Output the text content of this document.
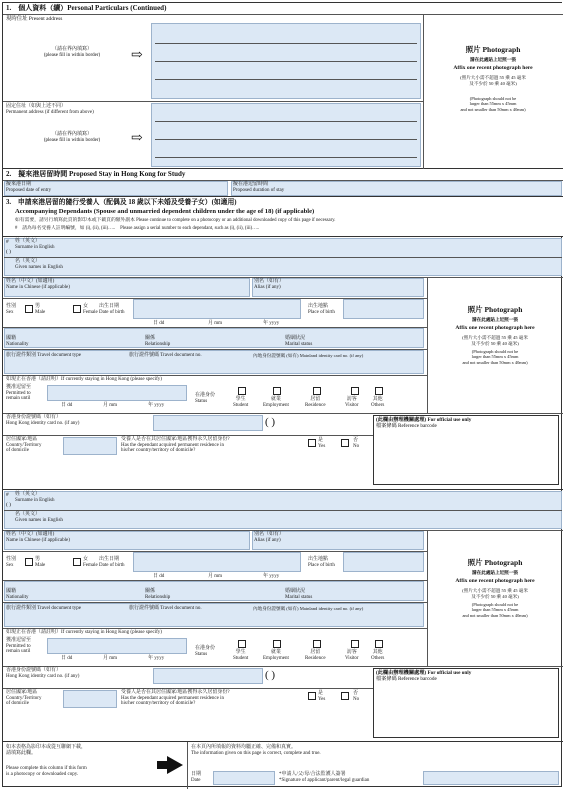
1.　個人資料（續）Personal Particulars (Continued)
現時住址 Present address
（請在界內填寫）
(please fill in within border)	⇨
固定住址（如與上述不同）
Permanent address (if different from above)
（請在界內填寫）
(please fill in within border)	⇨
照片 Photograph
請在此處貼上近照一張
Affix one recent photograph here
(照片大小需不超過 55 乘 45 毫米
及不少於 50 乘 40 毫米)
(Photograph should not be
larger than 55mm x 45mm
and not smaller than 50mm x 40mm)
2.　擬來港居留時間 Proposed Stay in Hong Kong for Study
擬來港日期
Proposed date of entry
擬在港逗留時間
Proposed duration of stay
3.　申請來港居留的隨行受養人（配偶及 18 歲以下未婚及受養子女）(如適用)
Accompanying Dependants (Spouse and unmarried dependent children under the age of 18) (if applicable)
如有需要，請另行填寫此頁的影印本或下載頁的額外副本 Please continue to complete on a photocopy or an additional downloaded copy of this page if necessary.
#　請為每名受養人註明編號，如 (i), (ii), (iii)…..　Please assign a serial number to each dependant, such as (i), (ii), (iii)…..
#
( )
姓（英文）
Surname in English
名（英文）
Given names in English
姓名（中文）(如適用)
Name in Chinese (if applicable)
別名（如有）
Alias (if any)
性別
Sex
男
Male
女
Female
出生日期
Date of birth
日 dd	月 mm	年 yyyy
出生地點
Place of birth
國籍
Nationality
關係
Relationship
婚姻狀況
Marital status
旅行證件類別 Travel document type	旅行證件號碼 Travel document no.	內地身份證號碼 (如有) Mainland identity card no. (if any)
如現正在香港（請註明）If currently staying in Hong Kong (please specify)
獲准逗留至
Permitted to
remain until
日 dd	月 mm	年 yyyy
在港身份
Status	學生
Student
就業
Employment
居留
Residence
訪客
Visitor
其他
Others
香港身份證號碼（如有）
Hong Kong identity card no. (if any)	( )	(此欄由辦理機關處理) For official use only
檔案條碼 Reference barcode
居住國家/地區
Country/Territory
of domicile
受養人是否在其居住國家/地區獲得永久居留身份?
Has the dependant acquired permanent residence in
his/her country/territory of domicile?
是
Yes
否
No
照片 Photograph
請在此處貼上近照一張
Affix one recent photograph here
(照片大小需不超過 55 乘 45 毫米
及不少於 50 乘 40 毫米)
(Photograph should not be
larger than 55mm x 45mm
and not smaller than 50mm x 40mm)
#
( )
姓（英文）
Surname in English
名（英文）
Given names in English
姓名（中文）(如適用)
Name in Chinese (if applicable)
別名（如有）
Alias (if any)
性別
Sex
男
Male
女
Female
出生日期
Date of birth
日 dd	月 mm	年 yyyy
出生地點
Place of birth
國籍
Nationality
關係
Relationship
婚姻狀況
Marital status
旅行證件類別 Travel document type	旅行證件號碼 Travel document no.	內地身份證號碼 (如有) Mainland identity card no. (if any)
如現正在香港（請註明）If currently staying in Hong Kong (please specify)
獲准逗留至
Permitted to
remain until
日 dd	月 mm	年 yyyy
在港身份
Status	學生
Student
就業
Employment
居留
Residence
訪客
Visitor
其他
Others
香港身份證號碼（如有）
Hong Kong identity card no. (if any)	( )	(此欄由辦理機關處理) For official use only
檔案條碼 Reference barcode
居住國家/地區
Country/Territory
of domicile
受養人是否在其居住國家/地區獲得永久居留身份?
Has the dependant acquired permanent residence in
his/her country/territory of domicile?
是
Yes
否
No
照片 Photograph
請在此處貼上近照一張
Affix one recent photograph here
(照片大小需不超過 55 乘 45 毫米
及不少於 50 乘 40 毫米)
(Photograph should not be
larger than 55mm x 45mm
and not smaller than 50mm x 40mm)
如本表格為影印本或從互聯網下載，
請填寫此欄。
Please complete this column if this form
is a photocopy or downloaded copy.
在本頁內所填報的資料均屬正確、完備和真實。
The information given on this page is correct, complete and true.
日期
Date
*申請人/父/母/合法監護人簽署
*Signature of applicant/parent/legal guardian
